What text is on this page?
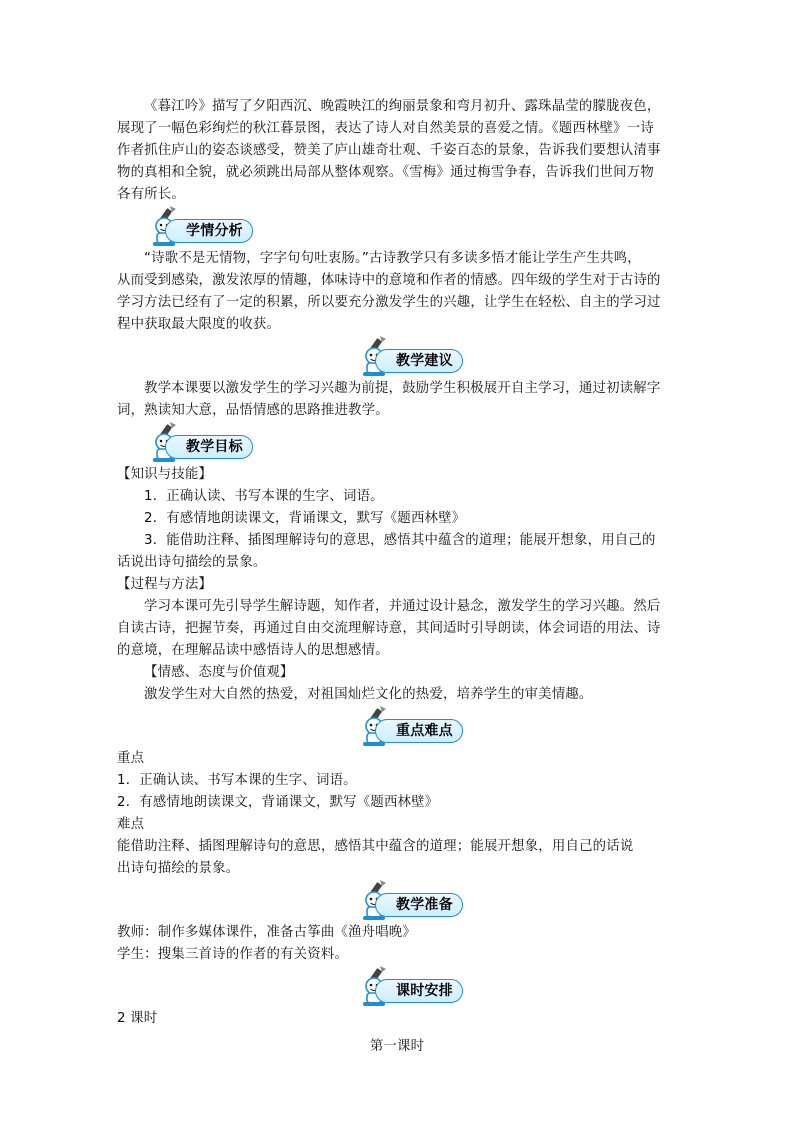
《暮江吟》描写了夕阳西沉、晚霞映江的绚丽景象和弯月初升、露珠晶莹的朦胧夜色，

展现了一幅色彩绚烂的秋江暮景图，表达了诗人对自然美景的喜爱之情。《题西林壁》一诗

作者抓住庐山的姿态谈感受，赞美了庐山雄奇壮观、千姿百态的景象，告诉我们要想认清事

物的真相和全貌，就必须跳出局部从整体观察。《雪梅》通过梅雪争春，告诉我们世间万物

各有所长。

学情分析

“诗歌不是无情物，字字句句吐衷肠。”古诗教学只有多读多悟才能让学生产生共鸣，

从而受到感染，激发浓厚的情趣，体味诗中的意境和作者的情感。四年级的学生对于古诗的

学习方法已经有了一定的积累，所以要充分激发学生的兴趣，让学生在轻松、自主的学习过

程中获取最大限度的收获。

教学建议

教学本课要以激发学生的学习兴趣为前提，鼓励学生积极展开自主学习，通过初读解字

词，熟读知大意，品悟情感的思路推进教学。

教学目标

【知识与技能】

1．正确认读、书写本课的生字、词语。

2．有感情地朗读课文，背诵课文，默写《题西林壁》

3．能借助注释、插图理解诗句的意思，感悟其中蕴含的道理；能展开想象，用自己的

话说出诗句描绘的景象。

【过程与方法】

学习本课可先引导学生解诗题，知作者，并通过设计悬念，激发学生的学习兴趣。然后

自读古诗，把握节奏，再通过自由交流理解诗意，其间适时引导朗读，体会词语的用法、诗

的意境，在理解品读中感悟诗人的思想感情。

【情感、态度与价值观】

激发学生对大自然的热爱，对祖国灿烂文化的热爱，培养学生的审美情趣。

重点难点

重点

1．正确认读、书写本课的生字、词语。

2．有感情地朗读课文，背诵课文，默写《题西林壁》

难点

能借助注释、插图理解诗句的意思，感悟其中蕴含的道理；能展开想象，用自己的话说

出诗句描绘的景象。

教学准备

教师：制作多媒体课件，准备古筝曲《渔舟唱晚》

学生：搜集三首诗的作者的有关资料。

课时安排

2 课时

第一课时
